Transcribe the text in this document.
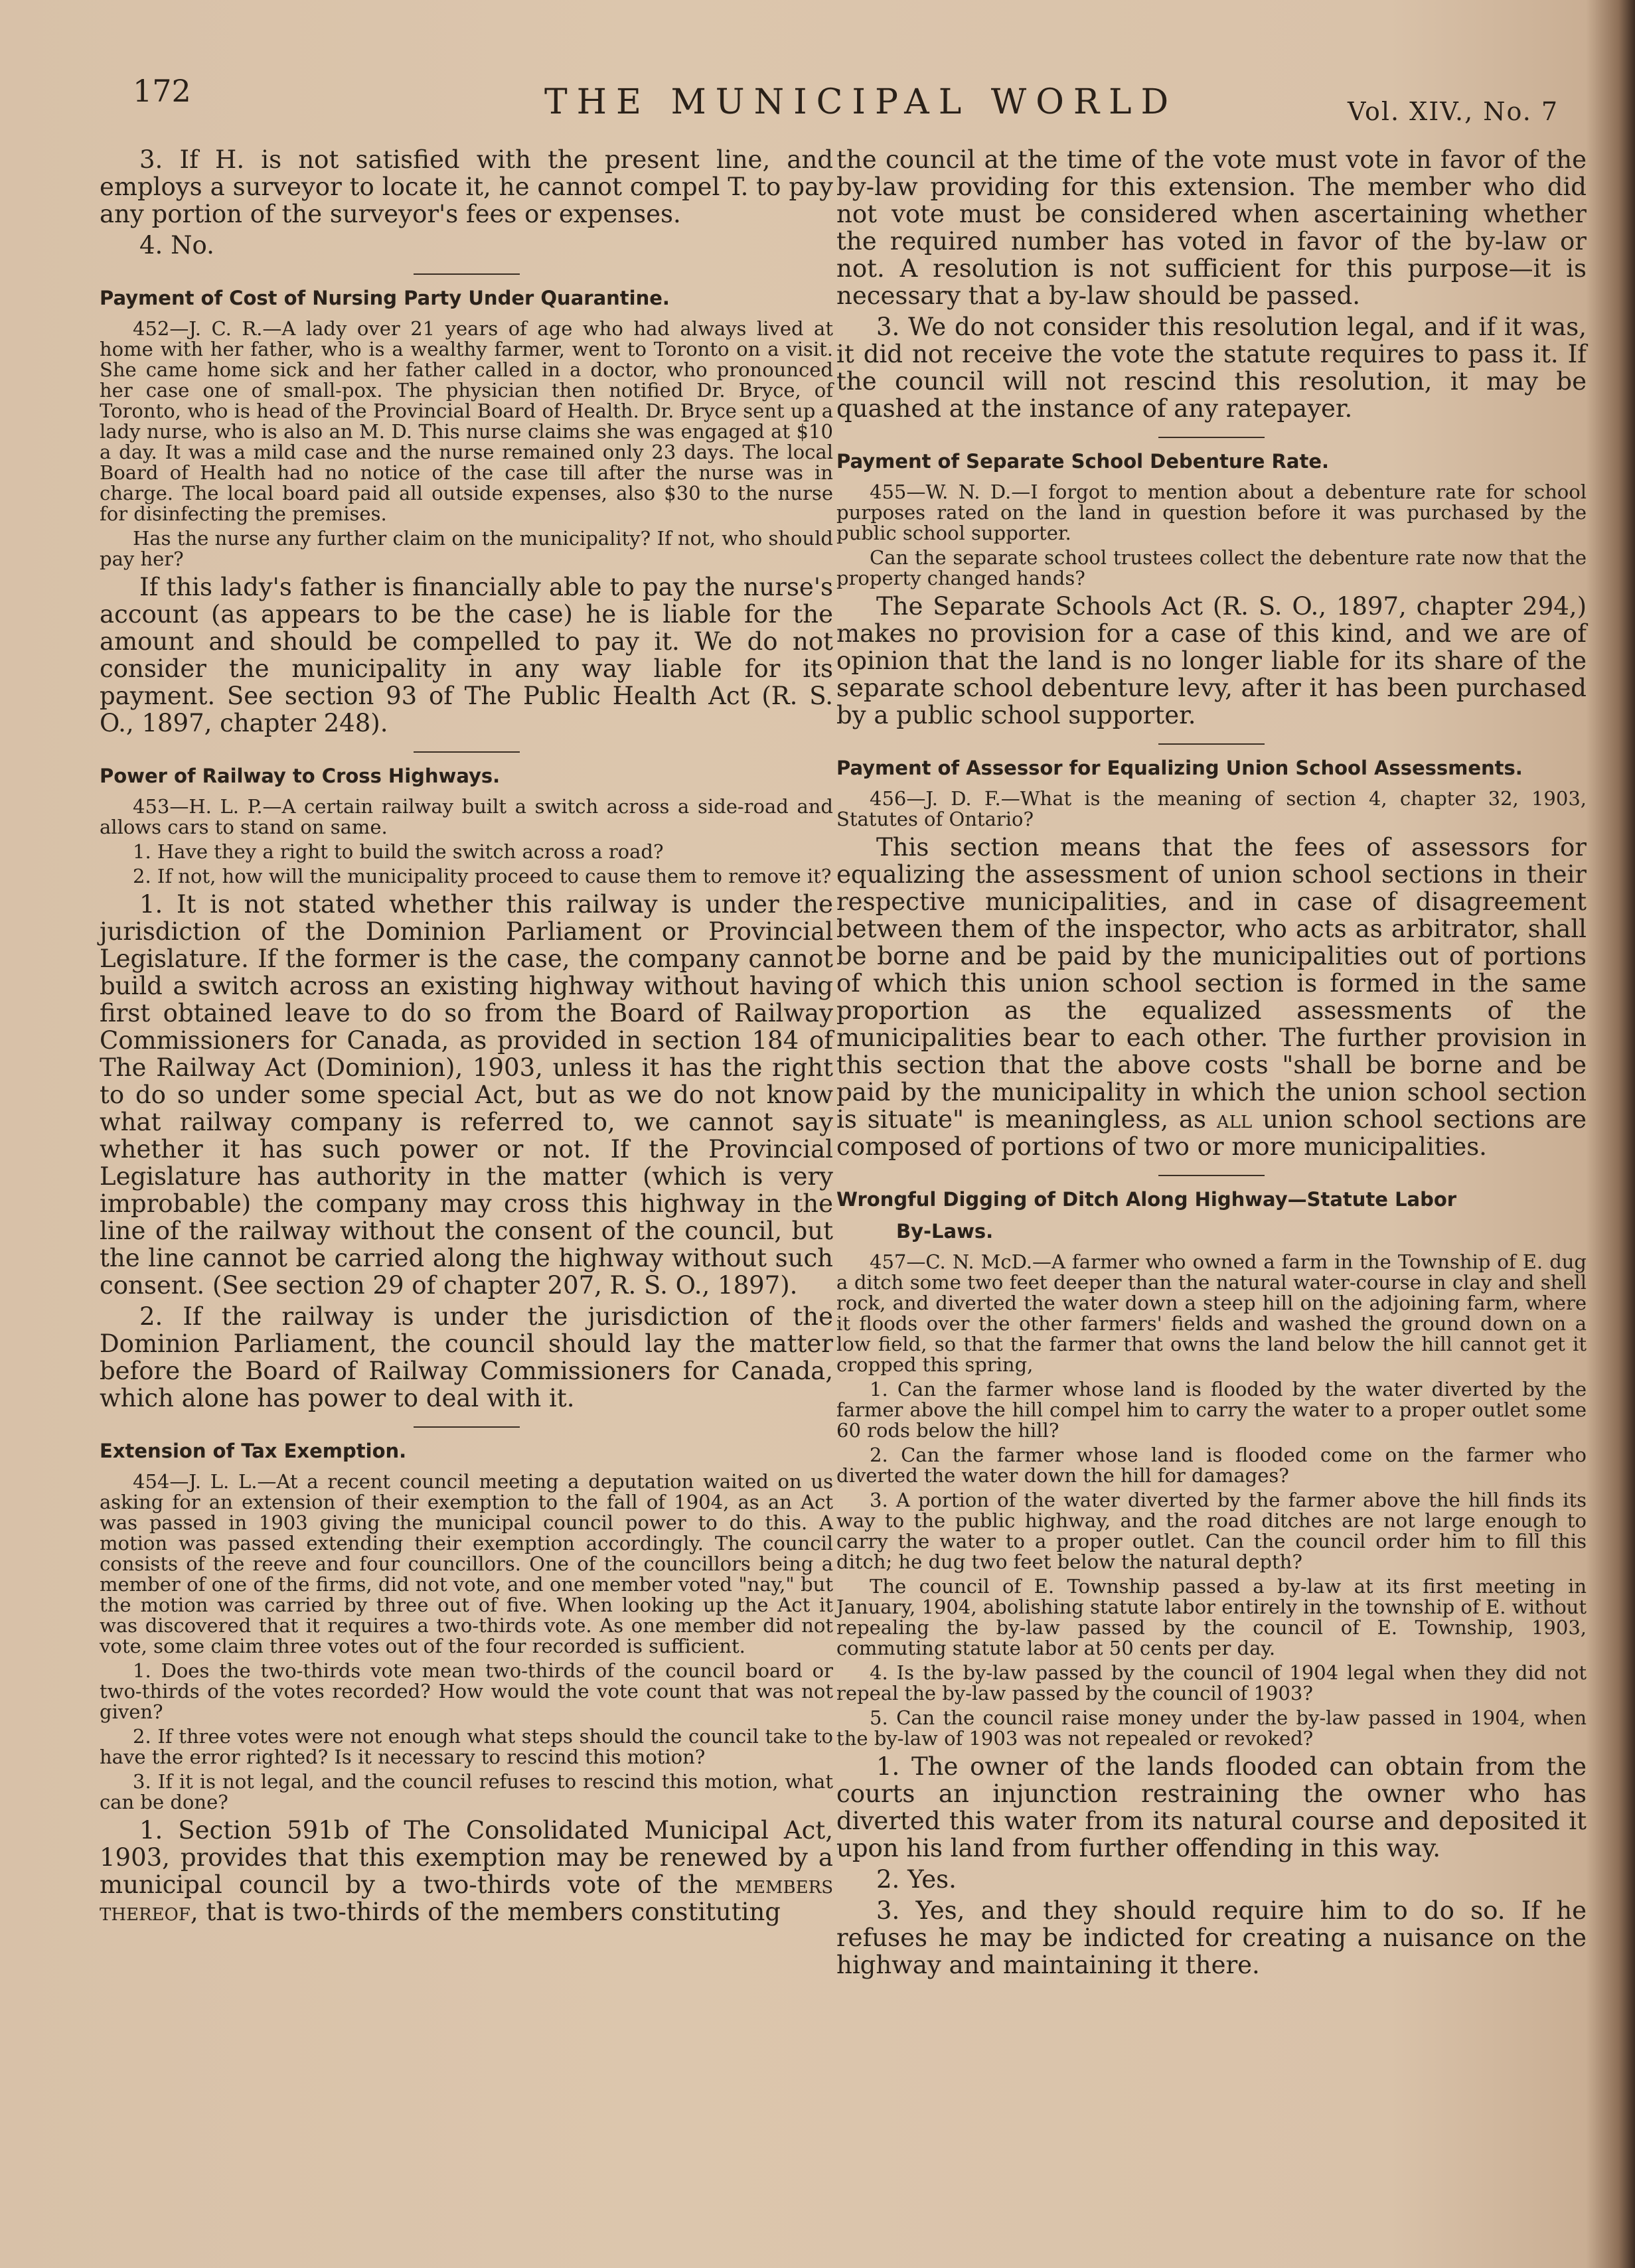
172	THE MUNICIPAL WORLD	Vol. XIV., No. 7

3. If H. is not satisfied with the present line, and employs a surveyor to locate it, he cannot compel T. to pay any portion of the surveyor's fees or expenses.

4. No.

Payment of Cost of Nursing Party Under Quarantine.

452—J. C. R.—A lady over 21 years of age who had always lived at home with her father, who is a wealthy farmer, went to Toronto on a visit. She came home sick and her father called in a doctor, who pronounced her case one of small-pox. The physician then notified Dr. Bryce, of Toronto, who is head of the Provincial Board of Health. Dr. Bryce sent up a lady nurse, who is also an M. D. This nurse claims she was engaged at $10 a day. It was a mild case and the nurse remained only 23 days. The local Board of Health had no notice of the case till after the nurse was in charge. The local board paid all outside expenses, also $30 to the nurse for disinfecting the premises.

Has the nurse any further claim on the municipality? If not, who should pay her?

If this lady's father is financially able to pay the nurse's account (as appears to be the case) he is liable for the amount and should be compelled to pay it. We do not consider the municipality in any way liable for its payment. See section 93 of The Public Health Act (R. S. O., 1897, chapter 248).

Power of Railway to Cross Highways.

453—H. L. P.—A certain railway built a switch across a side-road and allows cars to stand on same.

1. Have they a right to build the switch across a road?

2. If not, how will the municipality proceed to cause them to remove it?

1. It is not stated whether this railway is under the jurisdiction of the Dominion Parliament or Provincial Legislature. If the former is the case, the company cannot build a switch across an existing highway without having first obtained leave to do so from the Board of Railway Commissioners for Canada, as provided in section 184 of The Railway Act (Dominion), 1903, unless it has the right to do so under some special Act, but as we do not know what railway company is referred to, we cannot say whether it has such power or not. If the Provincial Legislature has authority in the matter (which is very improbable) the company may cross this highway in the line of the railway without the consent of the council, but the line cannot be carried along the highway without such consent. (See section 29 of chapter 207, R. S. O., 1897).

2. If the railway is under the jurisdiction of the Dominion Parliament, the council should lay the matter before the Board of Railway Commissioners for Canada, which alone has power to deal with it.

Extension of Tax Exemption.

454—J. L. L.—At a recent council meeting a deputation waited on us asking for an extension of their exemption to the fall of 1904, as an Act was passed in 1903 giving the municipal council power to do this. A motion was passed extending their exemption accordingly. The council consists of the reeve and four councillors. One of the councillors being a member of one of the firms, did not vote, and one member voted "nay," but the motion was carried by three out of five. When looking up the Act it was discovered that it requires a two-thirds vote. As one member did not vote, some claim three votes out of the four recorded is sufficient.

1. Does the two-thirds vote mean two-thirds of the council board or two-thirds of the votes recorded? How would the vote count that was not given?

2. If three votes were not enough what steps should the council take to have the error righted? Is it necessary to rescind this motion?

3. If it is not legal, and the council refuses to rescind this motion, what can be done?

1. Section 591b of The Consolidated Municipal Act, 1903, provides that this exemption may be renewed by a municipal council by a two-thirds vote of the members thereof, that is two-thirds of the members constituting

the council at the time of the vote must vote in favor of the by-law providing for this extension. The member who did not vote must be considered when ascertaining whether the required number has voted in favor of the by-law or not. A resolution is not sufficient for this purpose—it is necessary that a by-law should be passed.

3. We do not consider this resolution legal, and if it was, it did not receive the vote the statute requires to pass it. If the council will not rescind this resolution, it may be quashed at the instance of any ratepayer.

Payment of Separate School Debenture Rate.

455—W. N. D.—I forgot to mention about a debenture rate for school purposes rated on the land in question before it was purchased by the public school supporter.

Can the separate school trustees collect the debenture rate now that the property changed hands?

The Separate Schools Act (R. S. O., 1897, chapter 294,) makes no provision for a case of this kind, and we are of opinion that the land is no longer liable for its share of the separate school debenture levy, after it has been purchased by a public school supporter.

Payment of Assessor for Equalizing Union School Assessments.

456—J. D. F.—What is the meaning of section 4, chapter 32, 1903, Statutes of Ontario?

This section means that the fees of assessors for equalizing the assessment of union school sections in their respective municipalities, and in case of disagreement between them of the inspector, who acts as arbitrator, shall be borne and be paid by the municipalities out of portions of which this union school section is formed in the same proportion as the equalized assessments of the municipalities bear to each other. The further provision in this section that the above costs "shall be borne and be paid by the municipality in which the union school section is situate" is meaningless, as all union school sections are composed of portions of two or more municipalities.

Wrongful Digging of Ditch Along Highway—Statute Labor
By-Laws.

457—C. N. McD.—A farmer who owned a farm in the Township of E. dug a ditch some two feet deeper than the natural water-course in clay and shell rock, and diverted the water down a steep hill on the adjoining farm, where it floods over the other farmers' fields and washed the ground down on a low field, so that the farmer that owns the land below the hill cannot get it cropped this spring,

1. Can the farmer whose land is flooded by the water diverted by the farmer above the hill compel him to carry the water to a proper outlet some 60 rods below the hill?

2. Can the farmer whose land is flooded come on the farmer who diverted the water down the hill for damages?

3. A portion of the water diverted by the farmer above the hill finds its way to the public highway, and the road ditches are not large enough to carry the water to a proper outlet. Can the council order him to fill this ditch; he dug two feet below the natural depth?

The council of E. Township passed a by-law at its first meeting in January, 1904, abolishing statute labor entirely in the township of E. without repealing the by-law passed by the council of E. Township, 1903, commuting statute labor at 50 cents per day.

4. Is the by-law passed by the council of 1904 legal when they did not repeal the by-law passed by the council of 1903?

5. Can the council raise money under the by-law passed in 1904, when the by-law of 1903 was not repealed or revoked?

1. The owner of the lands flooded can obtain from the courts an injunction restraining the owner who has diverted this water from its natural course and deposited it upon his land from further offending in this way.

2. Yes.

3. Yes, and they should require him to do so. If he refuses he may be indicted for creating a nuisance on the highway and maintaining it there.
